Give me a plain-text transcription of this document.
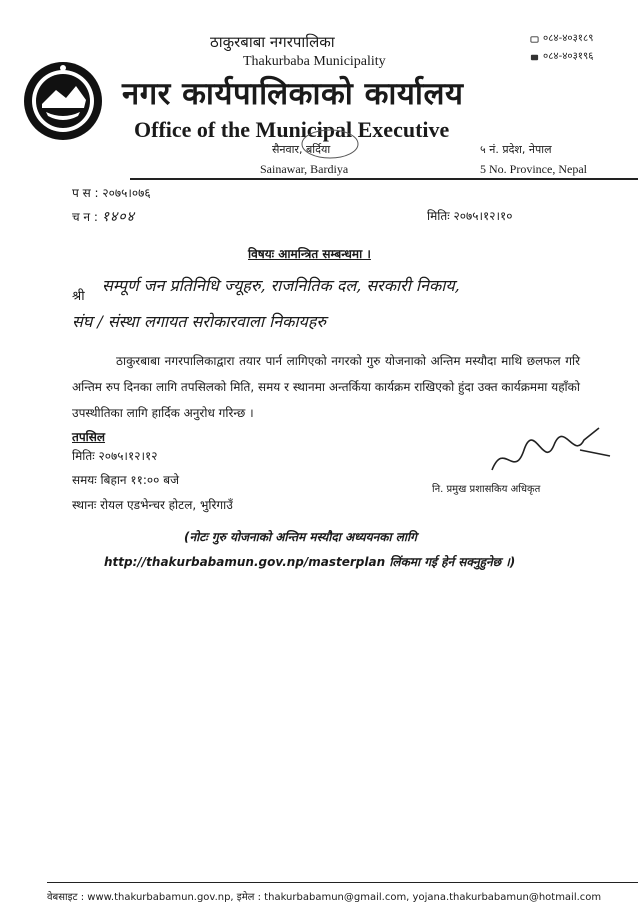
ठाकुरबाबा नगरपालिका
Thakurbaba Municipality
नगर कार्यपालिकाको कार्यालय
Office of the Municipal Executive
सैनवार, बर्दिया
Sainawar, Bardiya
०८४-४०३१८९
०८४-४०३१९६
५ नं. प्रदेश, नेपाल
5 No. Province, Nepal
प स : २०७५।०७६
च न : १४०४	मितिः २०७५।१२।१०
विषयः आमन्त्रित सम्बन्धमा ।
श्री
सम्पूर्ण जन प्रतिनिधि ज्यूहरु, राजनितिक दल, सरकारी निकाय,
संघ / संस्था लगायत सरोकारवाला निकायहरु
ठाकुरबाबा नगरपालिकाद्वारा तयार पार्न लागिएको नगरको गुरु योजनाको अन्तिम मस्यौदा माथि छलफल गरि अन्तिम रुप दिनका लागि तपसिलको मिति, समय र स्थानमा अन्तर्किया कार्यक्रम राखिएको हुंदा उक्त कार्यक्रममा यहाँको उपस्थीतिका लागि हार्दिक अनुरोध गरिन्छ ।
तपसिल
मितिः २०७५।१२।१२
समयः बिहान ११:०० बजे
स्थानः रोयल एडभेन्चर होटल, भुरिगाउँ
नि. प्रमुख प्रशासकिय अधिकृत
(नोटः गुरु योजनाको अन्तिम मस्यौदा अध्ययनका लागि
http://thakurbabamun.gov.np/masterplan लिंकमा गई हेर्न सक्नुहुनेछ ।)
वेबसाइट : www.thakurbabamun.gov.np, इमेल : thakurbabamun@gmail.com, yojana.thakurbabamun@hotmail.com
